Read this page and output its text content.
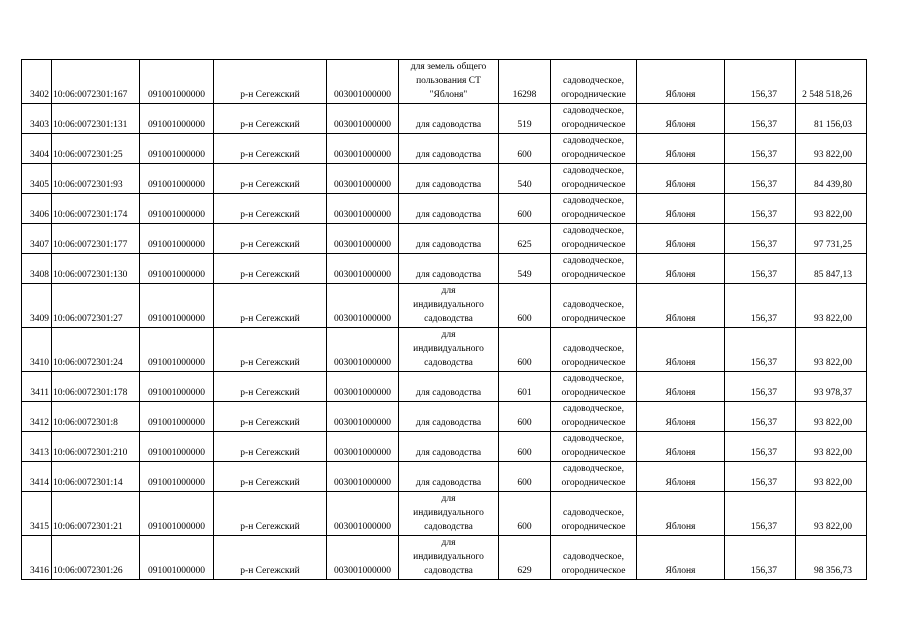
3402	10:06:0072301:167	091001000000	р-н Сегежский	003001000000	для земель общего
пользования СТ
"Яблоня"	16298	садоводческое,
огороднические	Яблоня	156,37	2 548 518,26
3403	10:06:0072301:131	091001000000	р-н Сегежский	003001000000	для садоводства	519	садоводческое,
огородническое	Яблоня	156,37	81 156,03
3404	10:06:0072301:25	091001000000	р-н Сегежский	003001000000	для садоводства	600	садоводческое,
огородническое	Яблоня	156,37	93 822,00
3405	10:06:0072301:93	091001000000	р-н Сегежский	003001000000	для садоводства	540	садоводческое,
огородническое	Яблоня	156,37	84 439,80
3406	10:06:0072301:174	091001000000	р-н Сегежский	003001000000	для садоводства	600	садоводческое,
огородническое	Яблоня	156,37	93 822,00
3407	10:06:0072301:177	091001000000	р-н Сегежский	003001000000	для садоводства	625	садоводческое,
огородническое	Яблоня	156,37	97 731,25
3408	10:06:0072301:130	091001000000	р-н Сегежский	003001000000	для садоводства	549	садоводческое,
огородническое	Яблоня	156,37	85 847,13
3409	10:06:0072301:27	091001000000	р-н Сегежский	003001000000	для
индивидуального
садоводства	600	садоводческое,
огородническое	Яблоня	156,37	93 822,00
3410	10:06:0072301:24	091001000000	р-н Сегежский	003001000000	для
индивидуального
садоводства	600	садоводческое,
огородническое	Яблоня	156,37	93 822,00
3411	10:06:0072301:178	091001000000	р-н Сегежский	003001000000	для садоводства	601	садоводческое,
огородническое	Яблоня	156,37	93 978,37
3412	10:06:0072301:8	091001000000	р-н Сегежский	003001000000	для садоводства	600	садоводческое,
огородническое	Яблоня	156,37	93 822,00
3413	10:06:0072301:210	091001000000	р-н Сегежский	003001000000	для садоводства	600	садоводческое,
огородническое	Яблоня	156,37	93 822,00
3414	10:06:0072301:14	091001000000	р-н Сегежский	003001000000	для садоводства	600	садоводческое,
огородническое	Яблоня	156,37	93 822,00
3415	10:06:0072301:21	091001000000	р-н Сегежский	003001000000	для
индивидуального
садоводства	600	садоводческое,
огородническое	Яблоня	156,37	93 822,00
3416	10:06:0072301:26	091001000000	р-н Сегежский	003001000000	для
индивидуального
садоводства	629	садоводческое,
огородническое	Яблоня	156,37	98 356,73
